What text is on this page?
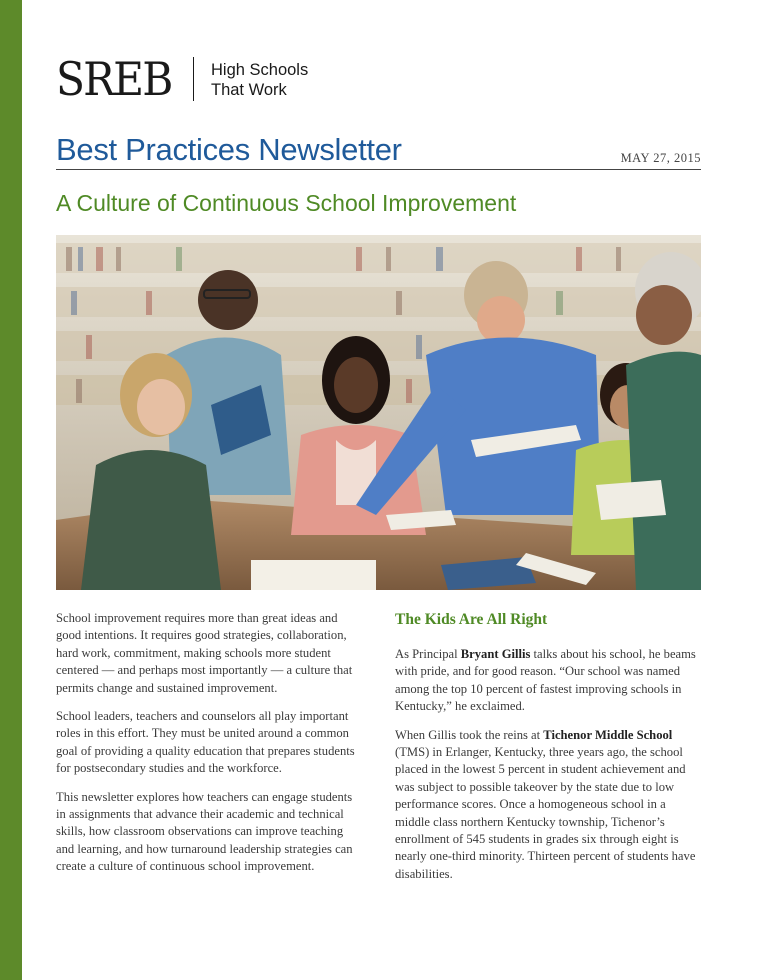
SREB High Schools
That Work
Best Practices Newsletter	MAY 27, 2015
A Culture of Continuous School Improvement

School improvement requires more than great ideas and good intentions. It requires good strategies, collaboration, hard work, commitment, making schools more student centered — and perhaps most importantly — a culture that permits change and sustained improvement.

School leaders, teachers and counselors all play important roles in this effort. They must be united around a common goal of providing a quality education that prepares students for postsecondary studies and the workforce.

This newsletter explores how teachers can engage students in assignments that advance their academic and technical skills, how classroom observations can improve teaching and learning, and how turnaround leadership strategies can create a culture of continuous school improvement.

The Kids Are All Right

As Principal Bryant Gillis talks about his school, he beams with pride, and for good reason. “Our school was named among the top 10 percent of fastest improving schools in Kentucky,” he exclaimed.

When Gillis took the reins at Tichenor Middle School (TMS) in Erlanger, Kentucky, three years ago, the school placed in the lowest 5 percent in student achievement and was subject to possible takeover by the state due to low performance scores. Once a homogeneous school in a middle class northern Kentucky township, Tichenor’s enrollment of 545 students in grades six through eight is nearly one-third minority. Thirteen percent of students have disabilities.
